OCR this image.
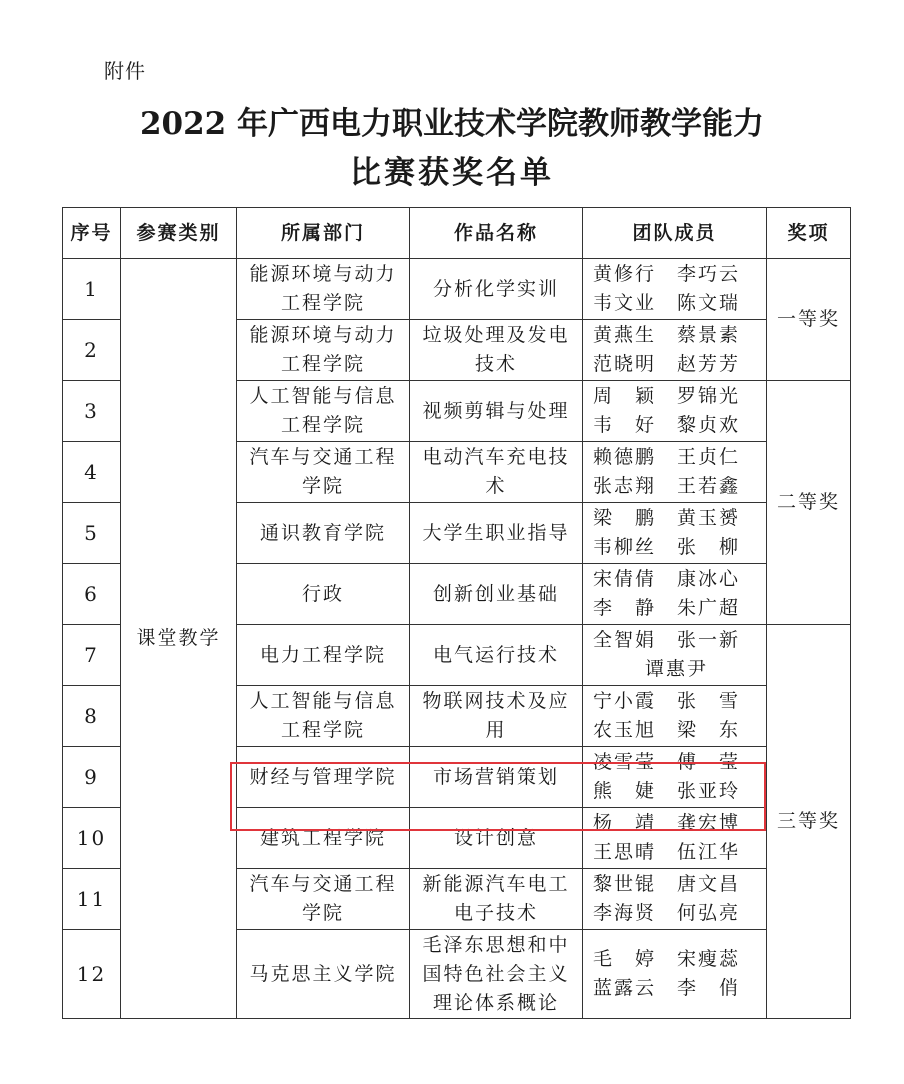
附件
2022 年广西电力职业技术学院教师教学能力
比赛获奖名单
序号	参赛类别	所属部门	作品名称	团队成员	奖项
1	课堂教学	能源环境与动力工程学院	分析化学实训	黄修行　李巧云
韦文业　陈文瑞	一等奖
2		能源环境与动力工程学院	垃圾处理及发电技术	黄燕生　蔡景素
范晓明　赵芳芳	

3		人工智能与信息工程学院	视频剪辑与处理	周　颖　罗锦光
韦　好　黎贞欢	二等奖
4		汽车与交通工程学院	电动汽车充电技术	赖德鹏　王贞仁
张志翔　王若鑫	

5		通识教育学院	大学生职业指导	梁　鹏　黄玉赟
韦柳丝　张　柳	

6		行政	创新创业基础	宋倩倩　康冰心
李　静　朱广超	

7		电力工程学院	电气运行技术	全智娟　张一新
谭惠尹	三等奖
8		人工智能与信息工程学院	物联网技术及应用	宁小霞　张　雪
农玉旭　梁　东	

9		财经与管理学院	市场营销策划	凌雪莹　傅　莹
熊　婕　张亚玲	

10		建筑工程学院	设计创意	杨　靖　龚宏博
王思晴　伍江华	

11		汽车与交通工程学院	新能源汽车电工电子技术	黎世锟　唐文昌
李海贤　何弘亮	

12		马克思主义学院	毛泽东思想和中国特色社会主义理论体系概论	毛　婷　宋瘦蕊
蓝露云　李　俏	
